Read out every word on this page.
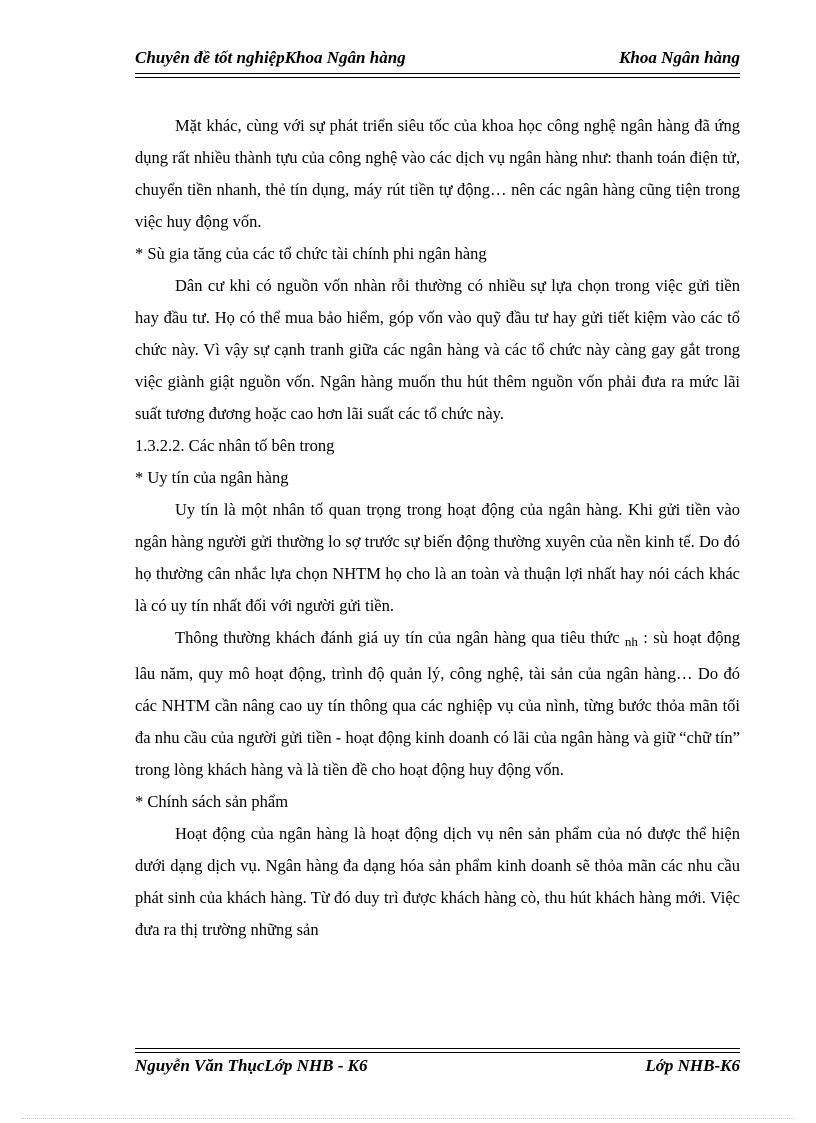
Chuyên đề tốt nghiệpKhoa Ngân hàng	Khoa Ngân hàng

Mặt khác, cùng với sự phát triển siêu tốc của khoa học công nghệ ngân hàng đã ứng dụng rất nhiều thành tựu của công nghệ vào các dịch vụ ngân hàng như: thanh toán điện tử, chuyển tiền nhanh, thẻ tín dụng, máy rút tiền tự động… nên các ngân hàng cũng tiện trong việc huy động vốn.

* Sù gia tăng của các tổ chức tài chính phi ngân hàng

Dân cư khi có nguồn vốn nhàn rỗi thường có nhiều sự lựa chọn trong việc gửi tiền hay đầu tư. Họ có thể mua bảo hiểm, góp vốn vào quỹ đầu tư hay gửi tiết kiệm vào các tổ chức này. Vì vậy sự cạnh tranh giữa các ngân hàng và các tổ chức này càng gay gắt trong việc giành giật nguồn vốn. Ngân hàng muốn thu hút thêm nguồn vốn phải đưa ra mức lãi suất tương đương hoặc cao hơn lãi suất các tổ chức này.

1.3.2.2. Các nhân tố bên trong

* Uy tín của ngân hàng

Uy tín là một nhân tố quan trọng trong hoạt động của ngân hàng. Khi gửi tiền vào ngân hàng người gửi thường lo sợ trước sự biến động thường xuyên của nền kinh tế. Do đó họ thường cân nhắc lựa chọn NHTM họ cho là an toàn và thuận lợi nhất hay nói cách khác là có uy tín nhất đối với người gửi tiền.

Thông thường khách đánh giá uy tín của ngân hàng qua tiêu thức $_{nh}$ : sù hoạt động lâu năm, quy mô hoạt động, trình độ quản lý, công nghệ, tài sản của ngân hàng… Do đó các NHTM cần nâng cao uy tín thông qua các nghiệp vụ của nình, từng bước thỏa mãn tối đa nhu cầu của người gửi tiền - hoạt động kinh doanh có lãi của ngân hàng và giữ “chữ tín” trong lòng khách hàng và là tiền đề cho hoạt động huy động vốn.

* Chính sách sản phẩm

Hoạt động của ngân hàng là hoạt động dịch vụ nên sản phẩm của nó được thể hiện dưới dạng dịch vụ. Ngân hàng đa dạng hóa sản phẩm kinh doanh sẽ thỏa mãn các nhu cầu phát sinh của khách hàng. Từ đó duy trì được khách hàng cò, thu hút khách hàng mới. Việc đưa ra thị trường những sản

Nguyễn Văn ThụcLớp NHB - K6	Lớp NHB-K6
